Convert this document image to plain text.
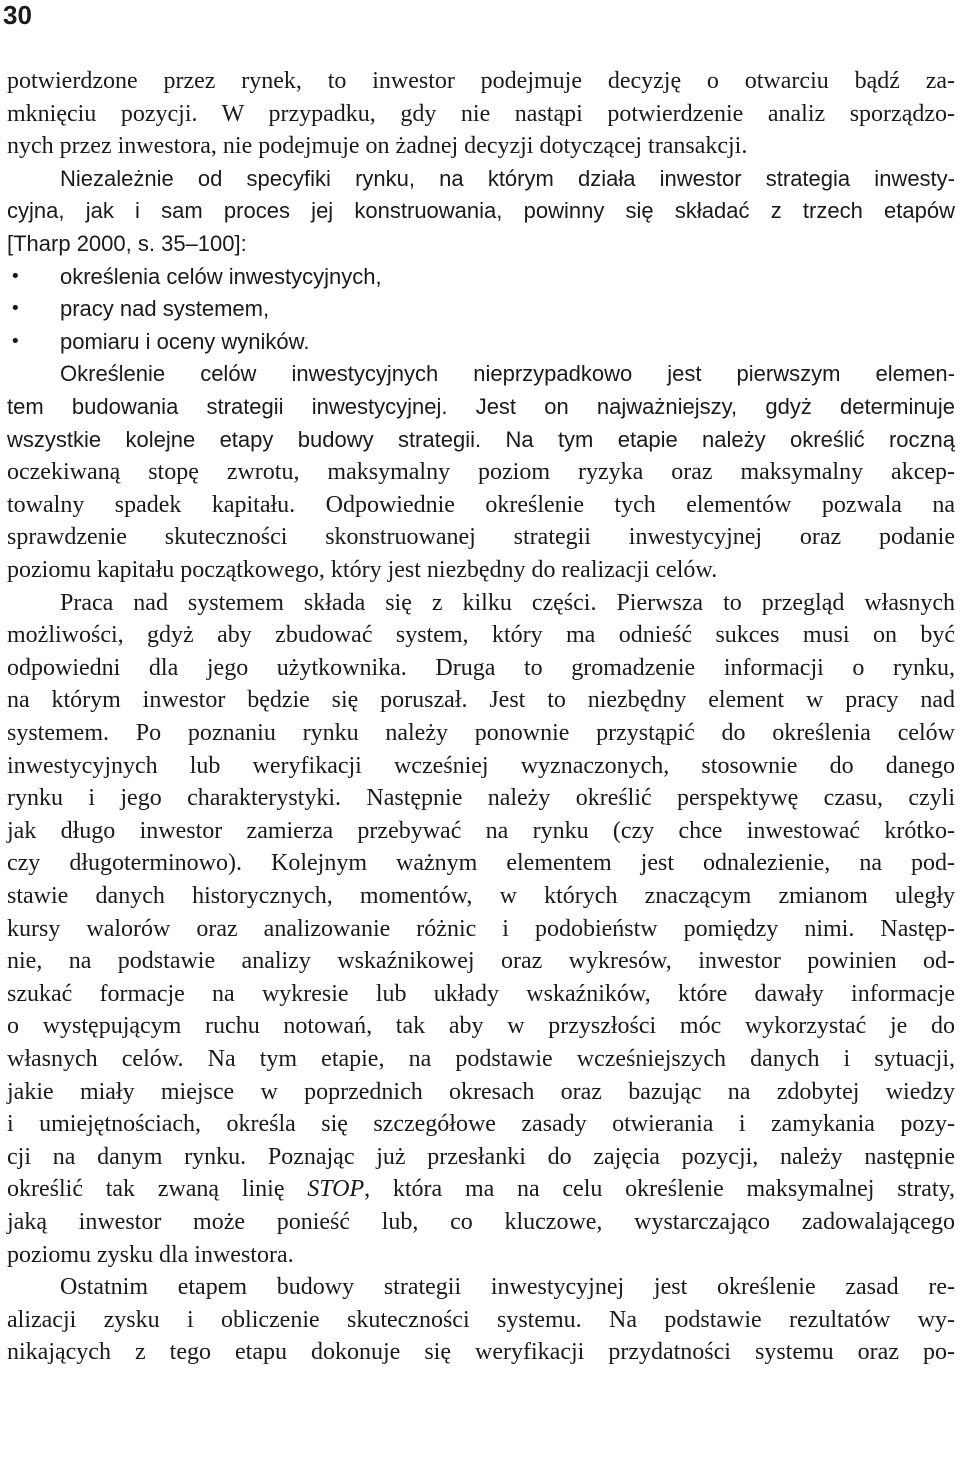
30
potwierdzone przez rynek, to inwestor podejmuje decyzję o otwarciu bądź za-
mknięciu pozycji. W przypadku, gdy nie nastąpi potwierdzenie analiz sporządzo-
nych przez inwestora, nie podejmuje on żadnej decyzji dotyczącej transakcji.
Niezależnie od specyfiki rynku, na którym działa inwestor strategia inwesty-
cyjna, jak i sam proces jej konstruowania, powinny się składać z trzech etapów
[Tharp 2000, s. 35–100]:
• określenia celów inwestycyjnych,
• pracy nad systemem,
• pomiaru i oceny wyników.
Określenie celów inwestycyjnych nieprzypadkowo jest pierwszym elemen-
tem budowania strategii inwestycyjnej. Jest on najważniejszy, gdyż determinuje
wszystkie kolejne etapy budowy strategii. Na tym etapie należy określić roczną
oczekiwaną stopę zwrotu, maksymalny poziom ryzyka oraz maksymalny akcep-
towalny spadek kapitału. Odpowiednie określenie tych elementów pozwala na
sprawdzenie skuteczności skonstruowanej strategii inwestycyjnej oraz podanie
poziomu kapitału początkowego, który jest niezbędny do realizacji celów.
Praca nad systemem składa się z kilku części. Pierwsza to przegląd własnych
możliwości, gdyż aby zbudować system, który ma odnieść sukces musi on być
odpowiedni dla jego użytkownika. Druga to gromadzenie informacji o rynku,
na którym inwestor będzie się poruszał. Jest to niezbędny element w pracy nad
systemem. Po poznaniu rynku należy ponownie przystąpić do określenia celów
inwestycyjnych lub weryfikacji wcześniej wyznaczonych, stosownie do danego
rynku i jego charakterystyki. Następnie należy określić perspektywę czasu, czyli
jak długo inwestor zamierza przebywać na rynku (czy chce inwestować krótko-
czy długoterminowo). Kolejnym ważnym elementem jest odnalezienie, na pod-
stawie danych historycznych, momentów, w których znaczącym zmianom uległy
kursy walorów oraz analizowanie różnic i podobieństw pomiędzy nimi. Następ-
nie, na podstawie analizy wskaźnikowej oraz wykresów, inwestor powinien od-
szukać formacje na wykresie lub układy wskaźników, które dawały informacje
o występującym ruchu notowań, tak aby w przyszłości móc wykorzystać je do
własnych celów. Na tym etapie, na podstawie wcześniejszych danych i sytuacji,
jakie miały miejsce w poprzednich okresach oraz bazując na zdobytej wiedzy
i umiejętnościach, określa się szczegółowe zasady otwierania i zamykania pozy-
cji na danym rynku. Poznając już przesłanki do zajęcia pozycji, należy następnie
określić tak zwaną linię STOP, która ma na celu określenie maksymalnej straty,
jaką inwestor może ponieść lub, co kluczowe, wystarczająco zadowalającego
poziomu zysku dla inwestora.
Ostatnim etapem budowy strategii inwestycyjnej jest określenie zasad re-
alizacji zysku i obliczenie skuteczności systemu. Na podstawie rezultatów wy-
nikających z tego etapu dokonuje się weryfikacji przydatności systemu oraz po-
